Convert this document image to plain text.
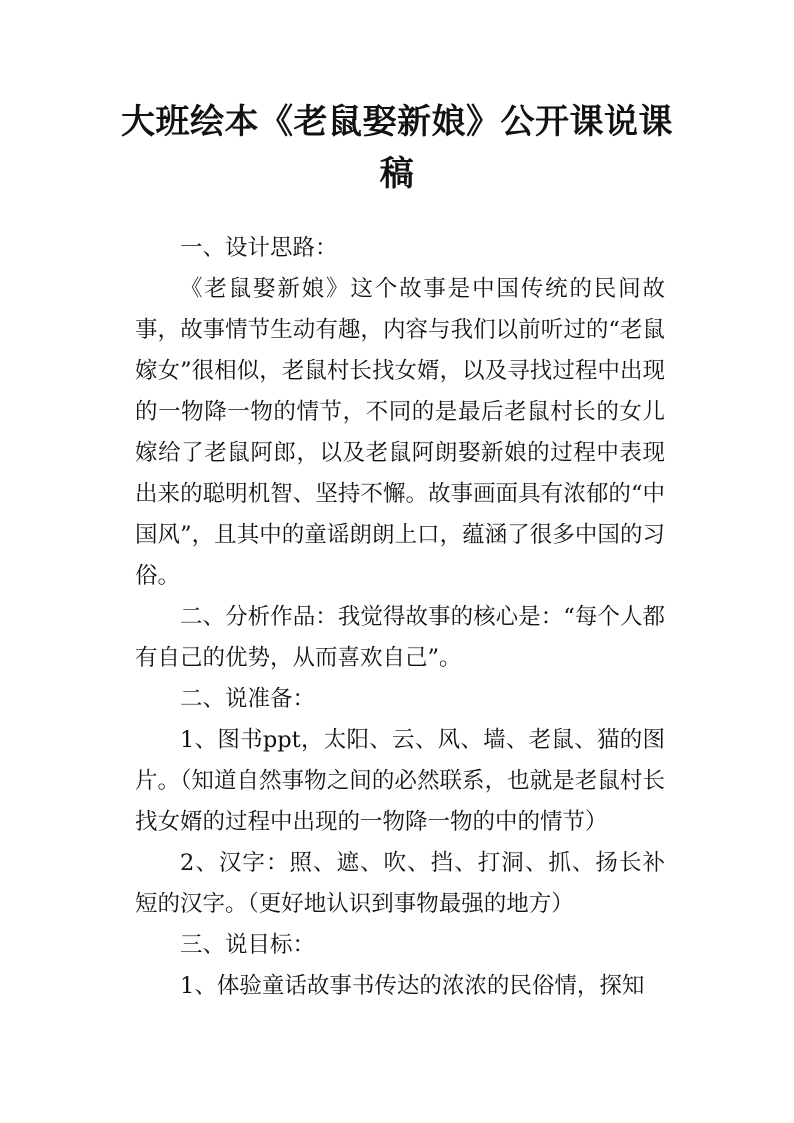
大班绘本《老鼠娶新娘》公开课说课稿

一、设计思路：

《老鼠娶新娘》这个故事是中国传统的民间故事，故事情节生动有趣，内容与我们以前听过的“老鼠嫁女”很相似，老鼠村长找女婿，以及寻找过程中出现的一物降一物的情节，不同的是最后老鼠村长的女儿嫁给了老鼠阿郎，以及老鼠阿朗娶新娘的过程中表现出来的聪明机智、坚持不懈。故事画面具有浓郁的“中国风”，且其中的童谣朗朗上口，蕴涵了很多中国的习俗。

二、分析作品：我觉得故事的核心是：“每个人都有自己的优势，从而喜欢自己”。

二、说准备：

1、图书ppt，太阳、云、风、墙、老鼠、猫的图片。（知道自然事物之间的必然联系，也就是老鼠村长找女婿的过程中出现的一物降一物的中的情节）

2、汉字：照、遮、吹、挡、打洞、抓、扬长补短的汉字。（更好地认识到事物最强的地方）

三、说目标：

1、体验童话故事书传达的浓浓的民俗情，探知
